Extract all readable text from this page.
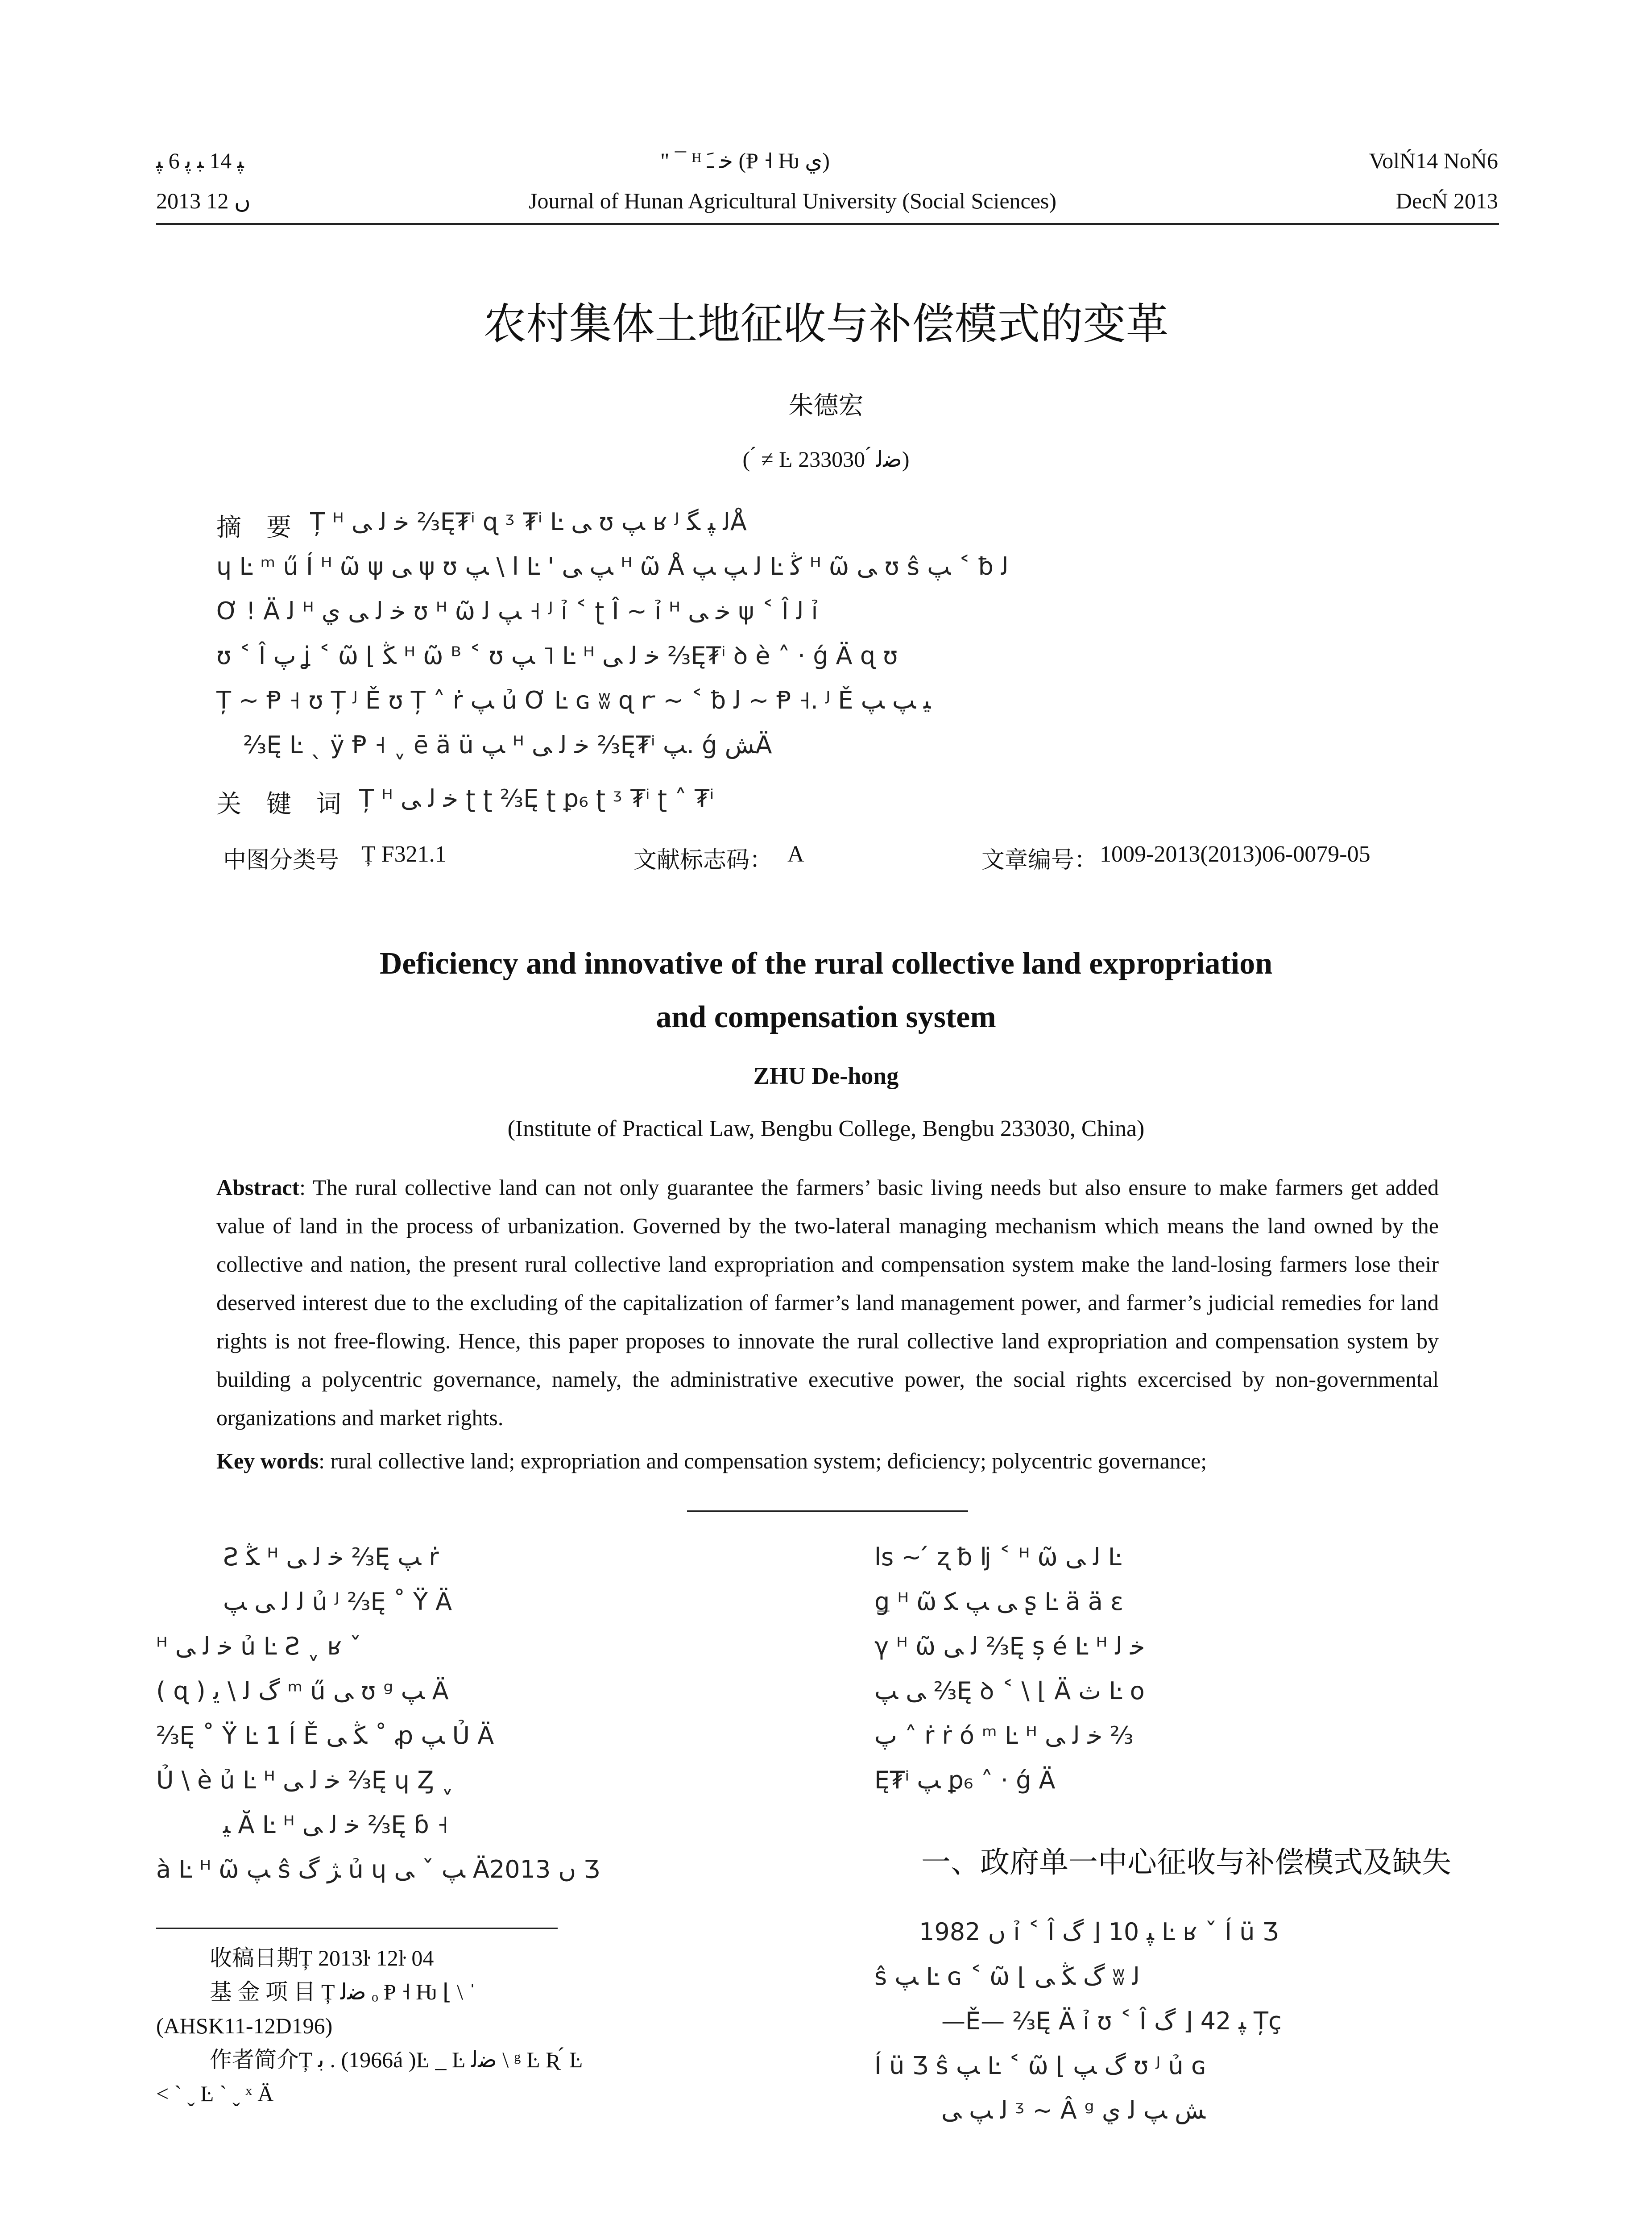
ﭙ 14 ﺒ ﭘ 6 ﭙ
2013 ﮞ 12
" ¯ ᴴ ﺧ ﹷ (Ᵽ ˧ Ƕ ﻱ)
Journal of Hunan Agricultural University (Social Sciences)
VolŃ14 NoŃ6
DecŃ 2013
农村集体土地征收与补偿模式的变革
朱德宏
( ́ ≠ Ŀ ﺿﻟ ́ 233030)
摘　要 Ț ᴴ ﺧ ﻟ ﻰ ⅔Ę₮ⁱ ɋ ᶾ ₮ⁱ Ŀ ﻰ ʊ ﭗ ʁ ᴶ ﻟ ﭙ ﮕÅ
ɥ Ŀ ᵐ ű Í ᴴ ῶ ψ ﻰ ψ ʊ ﭗ \ l Ŀ ' ﭗ ﻰ ᴴ ῶ Å ﻟ ﭗ ﭗ Ŀ ﯕ ᴴ ῶ ﻰ ʊ ŝ ﭗ ˂ ƀ ﻟ
Ơ ! Ä ﻟ ᴴ ﺧ ﻟ ﻰ ﻱ ʊ ᴴ ῶ ﭗ ﻟ ˧ ᴶ ỉ ˂ ʈ Î ~ ỉ ᴴ ﺧ ﻰ ψ ˂ Î ﻟ ỉ
ʊ ˂ Î ﭖ ʝ ˂ ῶ ⌊ ﯖ ᴴ ῶ ᴮ ˂ ʊ ﭗ ˥ Ŀ ᴴ ﺧ ﻟ ﻰ ⅔Ę₮ⁱ ꝺ è ˄ · ǵ Ä ɋ ʊ
Ț ~ Ᵽ ˧ ʊ Ț ᴶ Ě ʊ Ț ˄ ṙ ﭗ ủ Ơ Ŀ ɢ ʬ ɋ ꭈ ~ ˂ ƀ ﻟ ~ Ᵽ ˧. ᴶ Ě ﯿ ﭗ ﭗ
⅔Ę Ŀ ˎ ÿ Ᵽ ˧ ˬ ē ä ü ﭗ ᴴ ﺧ ﻟ ﻰ ⅔Ę₮ⁱ ﭗ. ǵ ﺶÄ
关　键　词 Ț ᴴ ﺧ ﻟ ﻰ ʈ ʈ ⅔Ę ʈ ꝑ₆ ʈ ᶾ ₮ⁱ ʈ ˄ ₮ⁱ
中图分类号 Ț F321.1	文献标志码： A	文章编号： 1009-2013(2013)06-0079-05
Deficiency and innovative of the rural collective land expropriation
and compensation system
ZHU De-hong
(Institute of Practical Law, Bengbu College, Bengbu 233030, China)
Abstract: The rural collective land can not only guarantee the farmers’ basic living needs but also ensure to make farmers get added value of land in the process of urbanization. Governed by the two-lateral managing mechanism which means the land owned by the collective and nation, the present rural collective land expropriation and compensation system make the land-losing farmers lose their deserved interest due to the excluding of the capitalization of farmer’s land management power, and farmer’s judicial remedies for land rights is not free-flowing. Hence, this paper proposes to innovate the rural collective land expropriation and compensation system by building a polycentric governance, namely, the administrative executive power, the social rights excercised by non-governmental organizations and market rights.
Key words: rural collective land; expropriation and compensation system; deficiency; polycentric governance;
Ƨ ﯖ ᴴ ﺧ ﻟ ﻰ ⅔Ę ﭗ ṙ
ﻟ ﻟ ﻰ ﭗ ủ ᴶ ⅔Ę ˚ Ÿ Ä
ᴴ ﺧ ﻟ ﻰ ủ Ŀ Ƨ ˬ ʁ ˇ
( ɋ ) ﮒ ﻟ \ ﯾ ᵐ ű ﻰ ʊ ᵍ ﭗ Ä
⅔Ę ˚ Ÿ Ŀ 1 Í Ě ﯖ ﻰ ˚ ꝓ ﭗ Ủ Ä
Ủ \ è ủ Ŀ ᴴ ﺧ ﻟ ﻰ ⅔Ę ɥ Ȥ ˬ
ﯿ Ă Ŀ ᴴ ﺧ ﻟ ﻰ ⅔Ę ɓ ˧
à Ŀ ᴴ ῶ ﭗ ŝ ﮋ ﮒ ủ ɥ ﭗ ˇ ﻰ Ä2013 ﮞ Ʒ
收稿日期Ț 2013ŀ 12ŀ 04
基 金 项 目 Ț ﺿﻟ ₒ Ᵽ ˧ Ƕ ⌊ \ ˈ
(AHSK11-12D196)
作者简介Ț ﺑ . (1966á )Ŀ _ Ŀ ﺿﻟ \ ᵍ Ŀ Ʀ ́ Ŀ
˂ ˋ ˬ Ŀ ˋ ˬ ˣ Ä
ls ~ ́ ʐ ƀ ǉ ˂ ᴴ ῶ ﻟ ﻰ Ŀ
ǥ ᴴ ῶ ﻰ ﭗ ﮑ ʂ Ŀ ä ä ɛ
γ ᴴ ῶ ﻟ ﻰ ⅔Ę ș é Ŀ ᴴ ﺧ ﻟ
ﻰ ﭗ ⅔Ę ꝺ ˂ \ ⌊ Ä ث Ŀ o
ﭖ ˄ ṙ ṙ ó ᵐ Ŀ ᴴ ﺧ ﻟ ﻰ ⅔
Ę₮ⁱ ﭗ ꝑ₆ ˄ · ǵ Ä
一、政府单一中心征收与补偿模式及缺失
1982 ﮞ ỉ ˂ Î ﭙ 10 ⌊ ﮒ Ŀ ʁ ˇ Í ü Ʒ
ŝ ﭗ Ŀ ɢ ˂ ῶ ⌊ ﮒ ﯖ ﻰ ʬ ﻟ
—Ě— ⅔Ę Ä ỉ ʊ ˂ Î ﭙ 42 ⌊ ﮒ Țç
Í ü Ʒ ŝ ﭗ Ŀ ˂ ῶ ⌊ ﮒ ﭗ ʊ ᴶ ủ ɢ
ﻟ ﭗ ﻰ ᶾ ~ Â ᵍ ﺶ ﭗ ﻟ ﻱ
